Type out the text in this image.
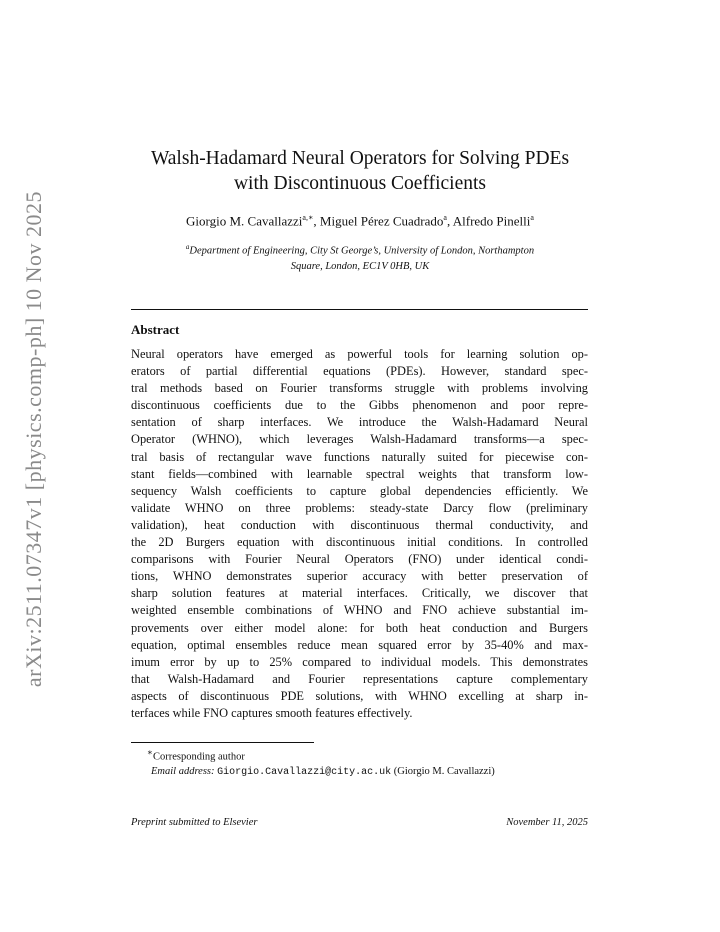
arXiv:2511.07347v1 [physics.comp-ph] 10 Nov 2025
Walsh-Hadamard Neural Operators for Solving PDEs
with Discontinuous Coefficients
Giorgio M. Cavallazzi$^{a,∗}$, Miguel Pérez Cuadrado$^a$, Alfredo Pinelli$^a$
$^a$Department of Engineering, City St George’s, University of London, Northampton
Square, London, EC1V 0HB, UK
Abstract
Neural operators have emerged as powerful tools for learning solution op-
erators of partial differential equations (PDEs). However, standard spec-
tral methods based on Fourier transforms struggle with problems involving
discontinuous coefficients due to the Gibbs phenomenon and poor repre-
sentation of sharp interfaces. We introduce the Walsh-Hadamard Neural
Operator (WHNO), which leverages Walsh-Hadamard transforms—a spec-
tral basis of rectangular wave functions naturally suited for piecewise con-
stant fields—combined with learnable spectral weights that transform low-
sequency Walsh coefficients to capture global dependencies efficiently. We
validate WHNO on three problems: steady-state Darcy flow (preliminary
validation), heat conduction with discontinuous thermal conductivity, and
the 2D Burgers equation with discontinuous initial conditions. In controlled
comparisons with Fourier Neural Operators (FNO) under identical condi-
tions, WHNO demonstrates superior accuracy with better preservation of
sharp solution features at material interfaces. Critically, we discover that
weighted ensemble combinations of WHNO and FNO achieve substantial im-
provements over either model alone: for both heat conduction and Burgers
equation, optimal ensembles reduce mean squared error by 35-40% and max-
imum error by up to 25% compared to individual models. This demonstrates
that Walsh-Hadamard and Fourier representations capture complementary
aspects of discontinuous PDE solutions, with WHNO excelling at sharp in-
terfaces while FNO captures smooth features effectively.
∗Corresponding author
Email address: Giorgio.Cavallazzi@city.ac.uk (Giorgio M. Cavallazzi)
Preprint submitted to Elsevier	November 11, 2025
